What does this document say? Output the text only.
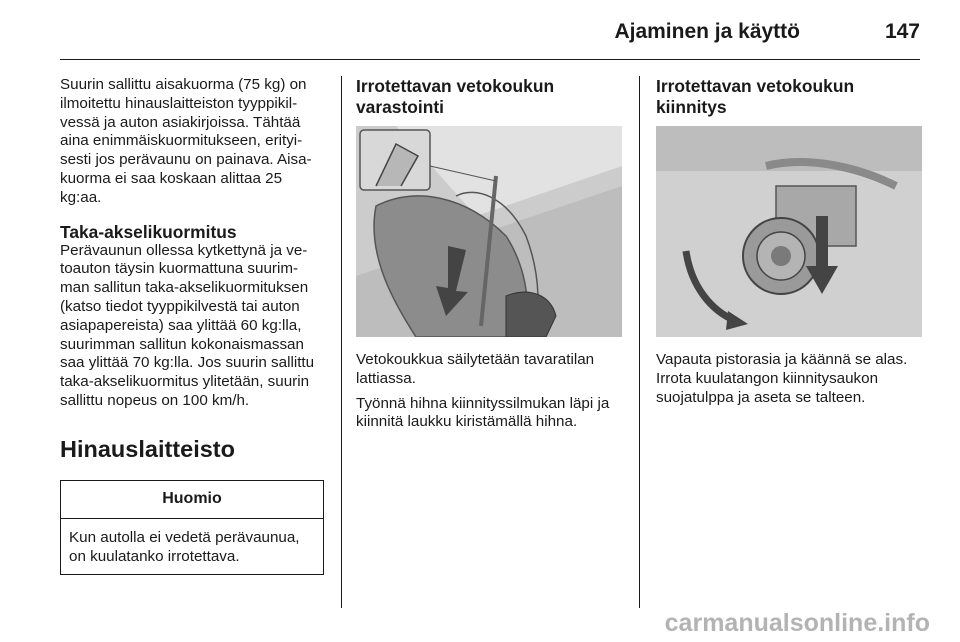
Ajaminen ja käyttö	147

Suurin sallittu aisakuorma (75 kg) on ilmoitettu hinauslaitteiston tyyppikil- vessä ja auton asiakirjoissa. Tähtää aina enimmäiskuormitukseen, erityi- sesti jos perävaunu on painava. Aisa- kuorma ei saa koskaan alittaa 25 kg:aa.

Taka-akselikuormitus

Perävaunun ollessa kytkettynä ja ve- toauton täysin kuormattuna suurim- man sallitun taka-akselikuormituksen (katso tiedot tyyppikilvestä tai auton asiapapereista) saa ylittää 60 kg:lla, suurimman sallitun kokonaismassan saa ylittää 70 kg:lla. Jos suurin sallittu taka-akselikuormitus ylitetään, suurin sallittu nopeus on 100 km/h.

Hinauslaitteisto
Huomio

Kun autolla ei vedetä perävaunua, on kuulatanko irrotettava.

Irrotettavan vetokoukun varastointi

Vetokoukkua säilytetään tavaratilan lattiassa.

Työnnä hihna kiinnityssilmukan läpi ja kiinnitä laukku kiristämällä hihna.

Irrotettavan vetokoukun kiinnitys

Vapauta pistorasia ja käännä se alas. Irrota kuulatangon kiinnitysaukon suojatulppa ja aseta se talteen.

carmanualsonline.info
